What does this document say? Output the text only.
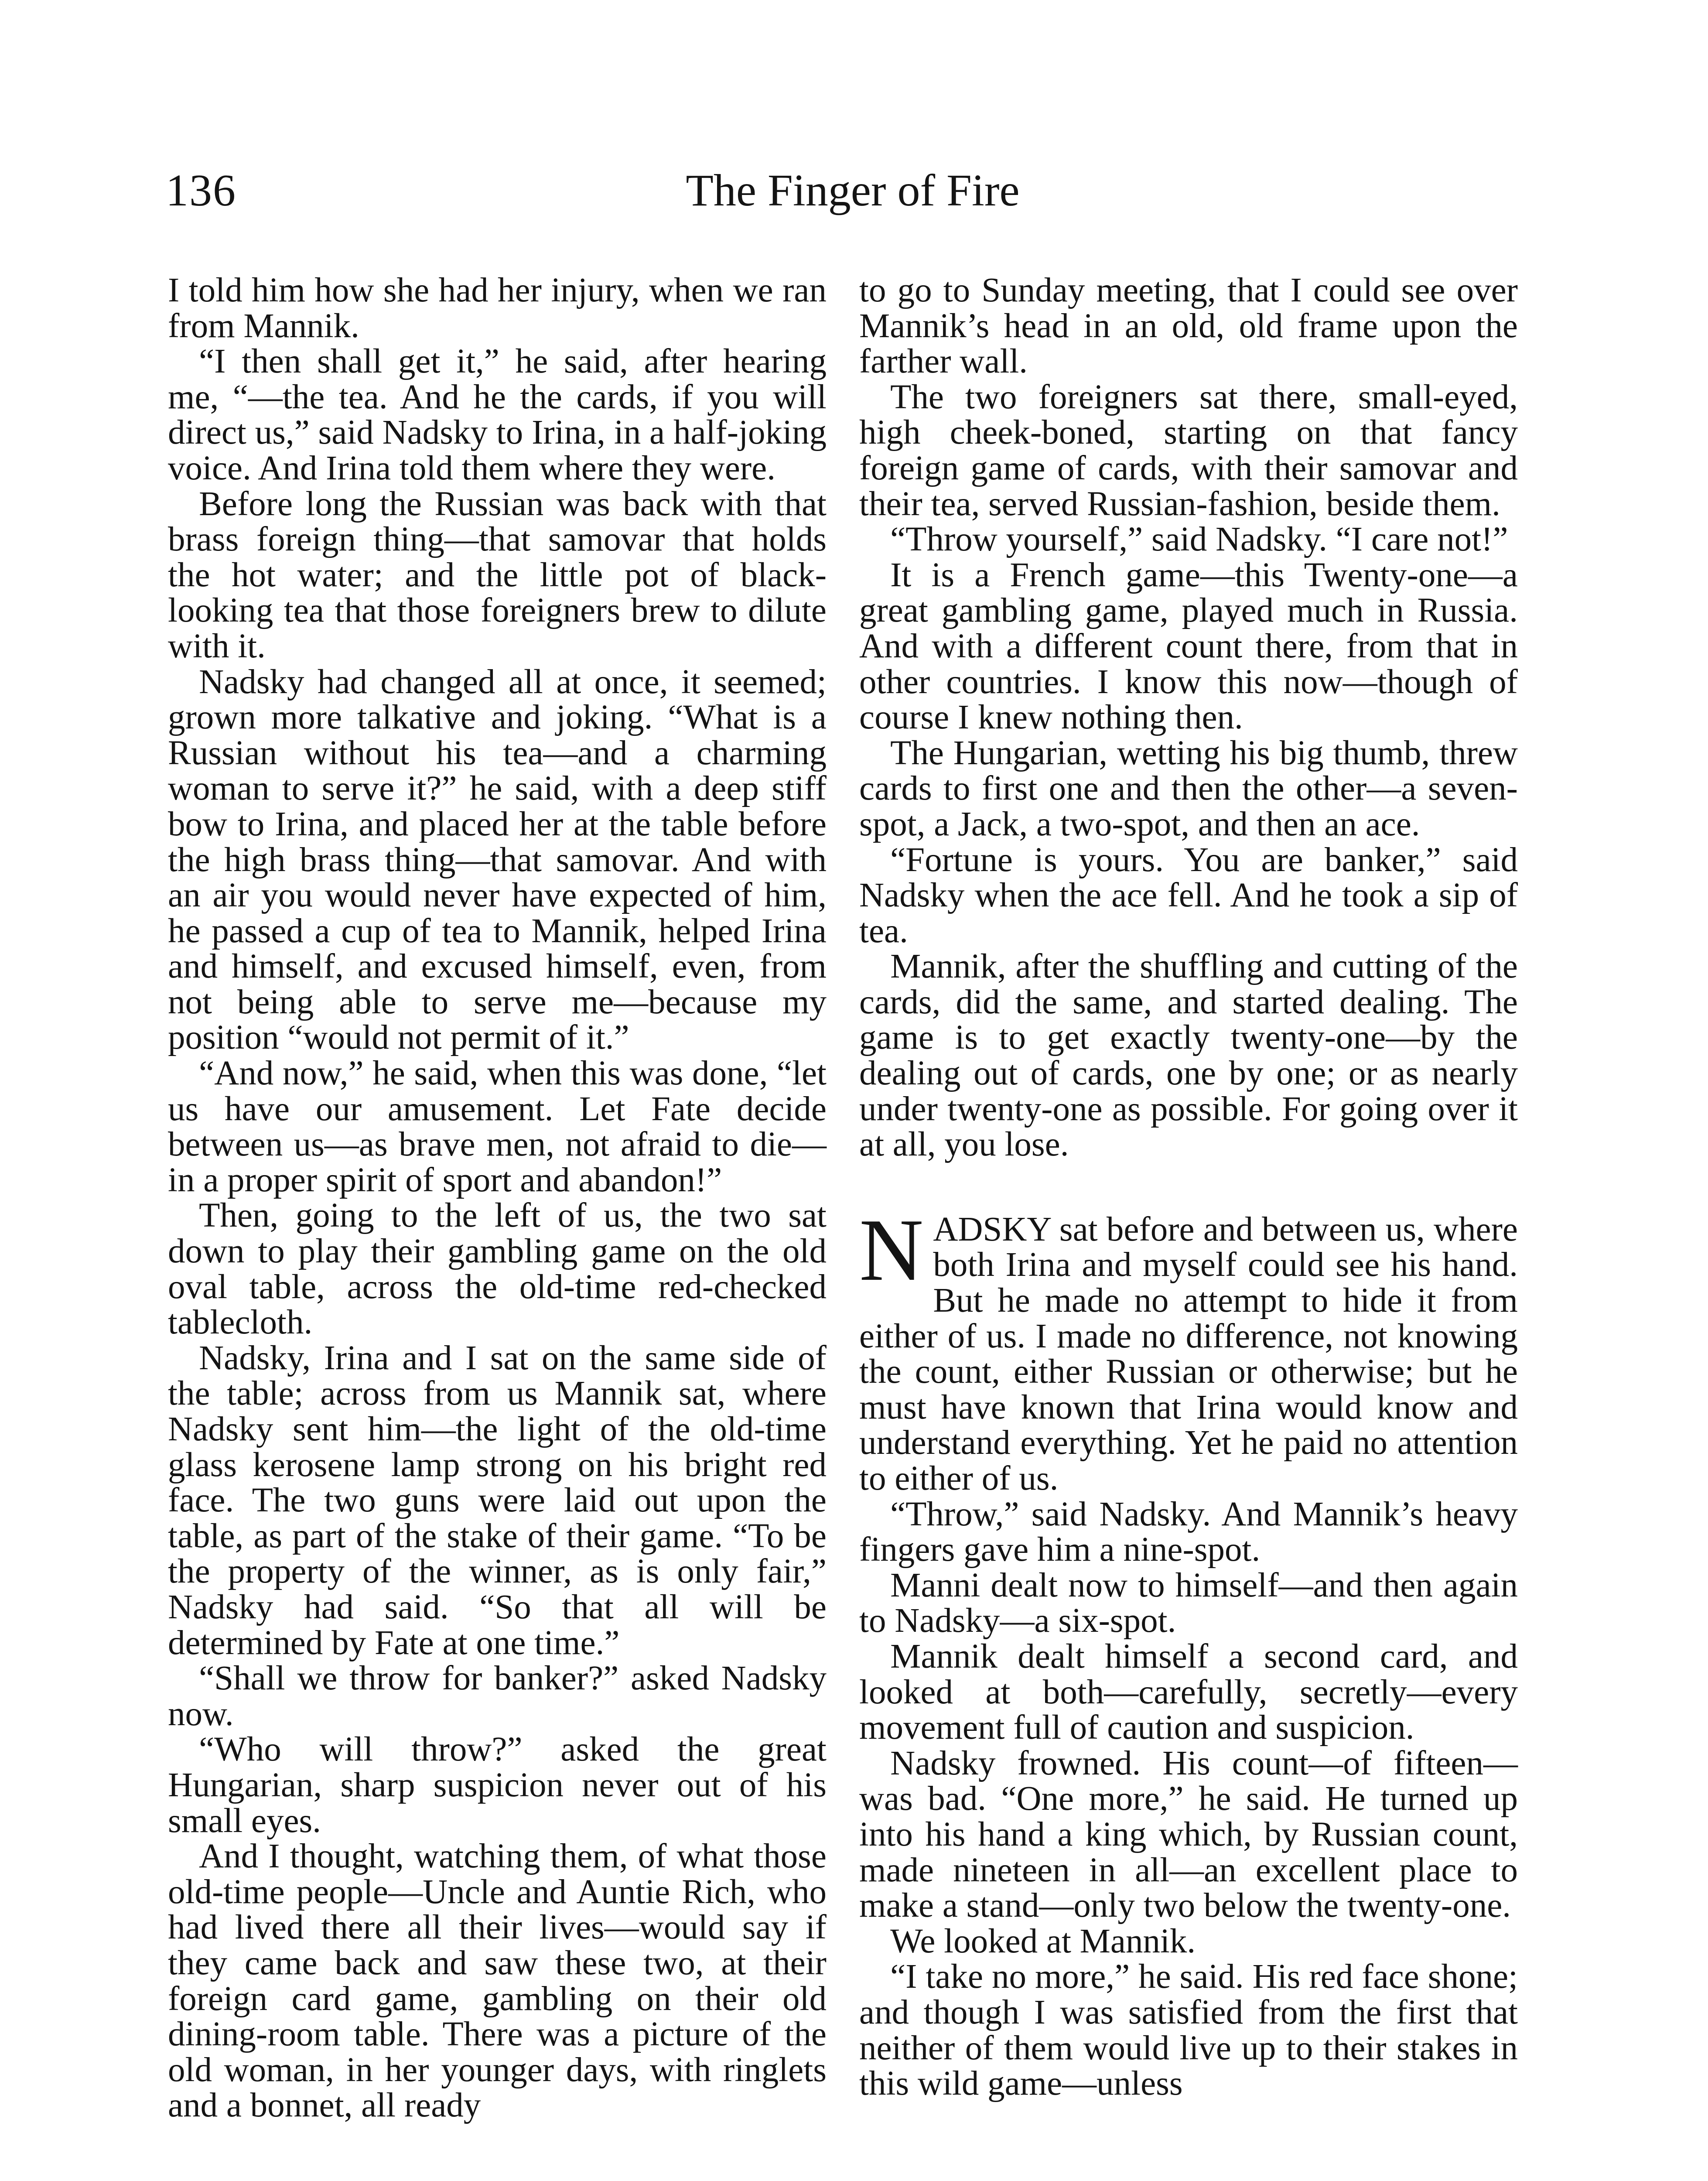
136	The Finger of Fire

I told him how she had her injury, when we ran from Mannik.

“I then shall get it,” he said, after hearing me, “—the tea. And he the cards, if you will direct us,” said Nadsky to Irina, in a half-joking voice. And Irina told them where they were.

Before long the Russian was back with that brass foreign thing—that samovar that holds the hot water; and the little pot of black-looking tea that those foreigners brew to dilute with it.

Nadsky had changed all at once, it seemed; grown more talkative and joking. “What is a Russian without his tea—and a charming woman to serve it?” he said, with a deep stiff bow to Irina, and placed her at the table before the high brass thing—that samovar. And with an air you would never have expected of him, he passed a cup of tea to Mannik, helped Irina and himself, and excused himself, even, from not being able to serve me—because my position “would not permit of it.”

“And now,” he said, when this was done, “let us have our amusement. Let Fate decide between us—as brave men, not afraid to die—in a proper spirit of sport and abandon!”

Then, going to the left of us, the two sat down to play their gambling game on the old oval table, across the old-time red-checked tablecloth.

Nadsky, Irina and I sat on the same side of the table; across from us Mannik sat, where Nadsky sent him—the light of the old-time glass kerosene lamp strong on his bright red face. The two guns were laid out upon the table, as part of the stake of their game. “To be the property of the winner, as is only fair,” Nadsky had said. “So that all will be determined by Fate at one time.”

“Shall we throw for banker?” asked Nadsky now.

“Who will throw?” asked the great Hungarian, sharp suspicion never out of his small eyes.

And I thought, watching them, of what those old-time people—Uncle and Auntie Rich, who had lived there all their lives—would say if they came back and saw these two, at their foreign card game, gambling on their old dining-room table. There was a picture of the old woman, in her younger days, with ringlets and a bonnet, all ready

to go to Sunday meeting, that I could see over Mannik’s head in an old, old frame upon the farther wall.

The two foreigners sat there, small-eyed, high cheek-boned, starting on that fancy foreign game of cards, with their samovar and their tea, served Russian-fashion, beside them.

“Throw yourself,” said Nadsky. “I care not!”

It is a French game—this Twenty-one—a great gambling game, played much in Russia. And with a different count there, from that in other countries. I know this now—though of course I knew nothing then.

The Hungarian, wetting his big thumb, threw cards to first one and then the other—a seven-spot, a Jack, a two-spot, and then an ace.

“Fortune is yours. You are banker,” said Nadsky when the ace fell. And he took a sip of tea.

Mannik, after the shuffling and cutting of the cards, did the same, and started dealing. The game is to get exactly twenty-one—by the dealing out of cards, one by one; or as nearly under twenty-one as possible. For going over it at all, you lose.

NADSKY sat before and between us, where both Irina and myself could see his hand. But he made no attempt to hide it from either of us. I made no difference, not knowing the count, either Russian or otherwise; but he must have known that Irina would know and understand everything. Yet he paid no attention to either of us.

“Throw,” said Nadsky. And Mannik’s heavy fingers gave him a nine-spot.

Manni dealt now to himself—and then again to Nadsky—a six-spot.

Mannik dealt himself a second card, and looked at both—carefully, secretly—every movement full of caution and suspicion.

Nadsky frowned. His count—of fifteen—was bad. “One more,” he said. He turned up into his hand a king which, by Russian count, made nineteen in all—an excellent place to make a stand—only two below the twenty-one.

We looked at Mannik.

“I take no more,” he said. His red face shone; and though I was satisfied from the first that neither of them would live up to their stakes in this wild game—unless
